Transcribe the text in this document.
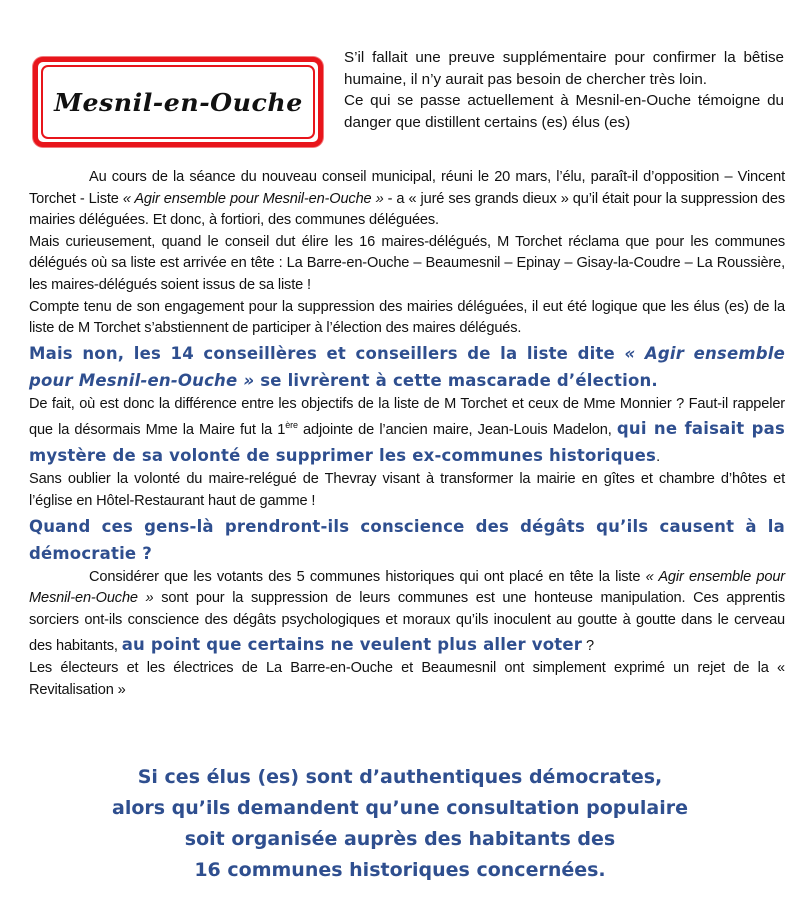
Mesnil-en-Ouche

S’il fallait une preuve supplémentaire pour confirmer la bêtise humaine, il n’y aurait pas besoin de chercher très loin.

Ce qui se passe actuellement à Mesnil-en-Ouche témoigne du danger que distillent certains (es) élus (es)

Au cours de la séance du nouveau conseil municipal, réuni le 20 mars, l’élu, paraît-il d’opposition – Vincent Torchet - Liste « Agir ensemble pour Mesnil-en-Ouche » - a « juré ses grands dieux » qu’il était pour la suppression des mairies déléguées. Et donc, à fortiori, des communes déléguées.

Mais curieusement, quand le conseil dut élire les 16 maires-délégués, M Torchet réclama que pour les communes délégués où sa liste est arrivée en tête : La Barre-en-Ouche – Beaumesnil – Epinay – Gisay-la-Coudre – La Roussière, les maires-délégués soient issus de sa liste !

Compte tenu de son engagement pour la suppression des mairies déléguées, il eut été logique que les élus (es) de la liste de M Torchet s’abstiennent de participer à l’élection des maires délégués.

Mais non, les 14 conseillères et conseillers de la liste dite « Agir ensemble pour Mesnil-en-Ouche » se livrèrent à cette mascarade d’élection.

De fait, où est donc la différence entre les objectifs de la liste de M Torchet et ceux de Mme Monnier ? Faut-il rappeler que la désormais Mme la Maire fut la 1ère adjointe de l’ancien maire, Jean-Louis Madelon, qui ne faisait pas mystère de sa volonté de supprimer les ex-communes historiques.

Sans oublier la volonté du maire-relégué de Thevray visant à transformer la mairie en gîtes et chambre d’hôtes et l’église en Hôtel-Restaurant haut de gamme !

Quand ces gens-là prendront-ils conscience des dégâts qu’ils causent à la démocratie ?

Considérer que les votants des 5 communes historiques qui ont placé en tête la liste « Agir ensemble pour Mesnil-en-Ouche » sont pour la suppression de leurs communes est une honteuse manipulation. Ces apprentis sorciers ont-ils conscience des dégâts psychologiques et moraux qu’ils inoculent au goutte à goutte dans le cerveau des habitants, au point que certains ne veulent plus aller voter ?

Les électeurs et les électrices de La Barre-en-Ouche et Beaumesnil ont simplement exprimé un rejet de la « Revitalisation »

Si ces élus (es) sont d’authentiques démocrates,
alors qu’ils demandent qu’une consultation populaire
soit organisée auprès des habitants des
16 communes historiques concernées.
